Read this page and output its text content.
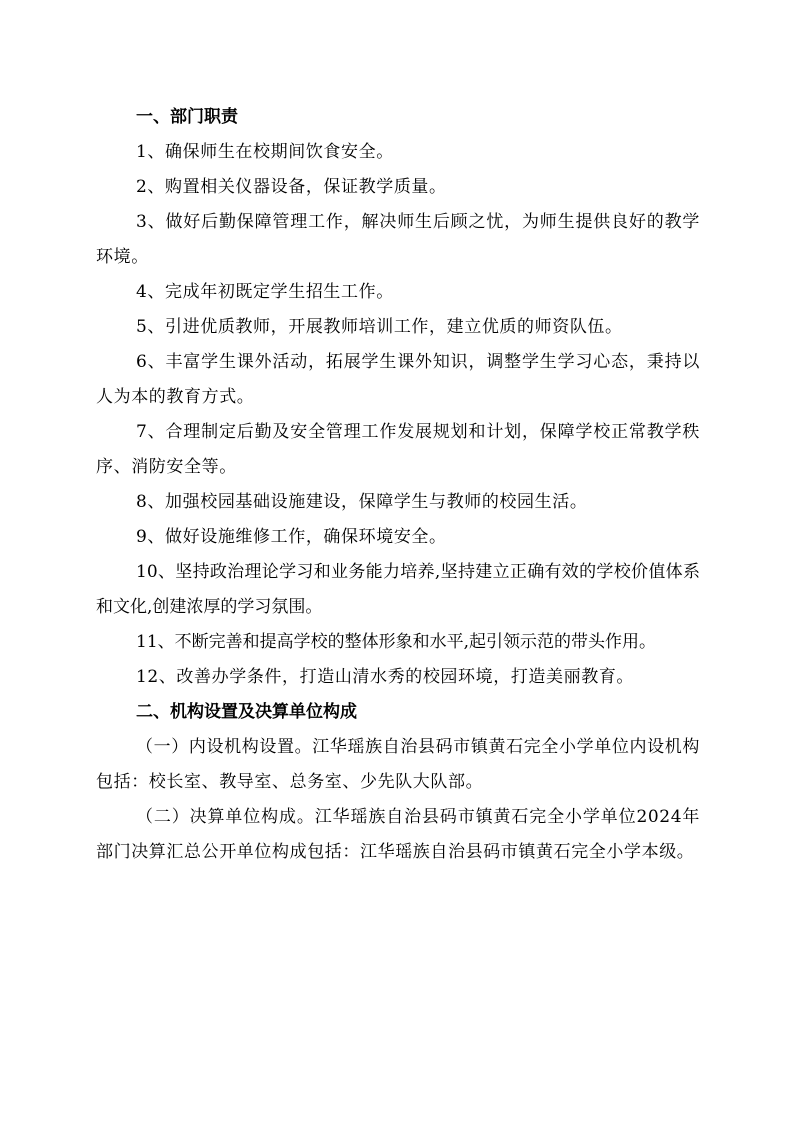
一、部门职责

1、确保师生在校期间饮食安全。

2、购置相关仪器设备，保证教学质量。

3、做好后勤保障管理工作，解决师生后顾之忧，为师生提供良好的教学环境。

4、完成年初既定学生招生工作。

5、引进优质教师，开展教师培训工作，建立优质的师资队伍。

6、丰富学生课外活动，拓展学生课外知识，调整学生学习心态，秉持以人为本的教育方式。

7、合理制定后勤及安全管理工作发展规划和计划，保障学校正常教学秩序、消防安全等。

8、加强校园基础设施建设，保障学生与教师的校园生活。

9、做好设施维修工作，确保环境安全。

10、坚持政治理论学习和业务能力培养,坚持建立正确有效的学校价值体系和文化,创建浓厚的学习氛围。

11、不断完善和提高学校的整体形象和水平,起引领示范的带头作用。

12、改善办学条件，打造山清水秀的校园环境，打造美丽教育。

二、机构设置及决算单位构成

（一）内设机构设置。江华瑶族自治县码市镇黄石完全小学单位内设机构包括：校长室、教导室、总务室、少先队大队部。

（二）决算单位构成。江华瑶族自治县码市镇黄石完全小学单位2024年部门决算汇总公开单位构成包括：江华瑶族自治县码市镇黄石完全小学本级。
